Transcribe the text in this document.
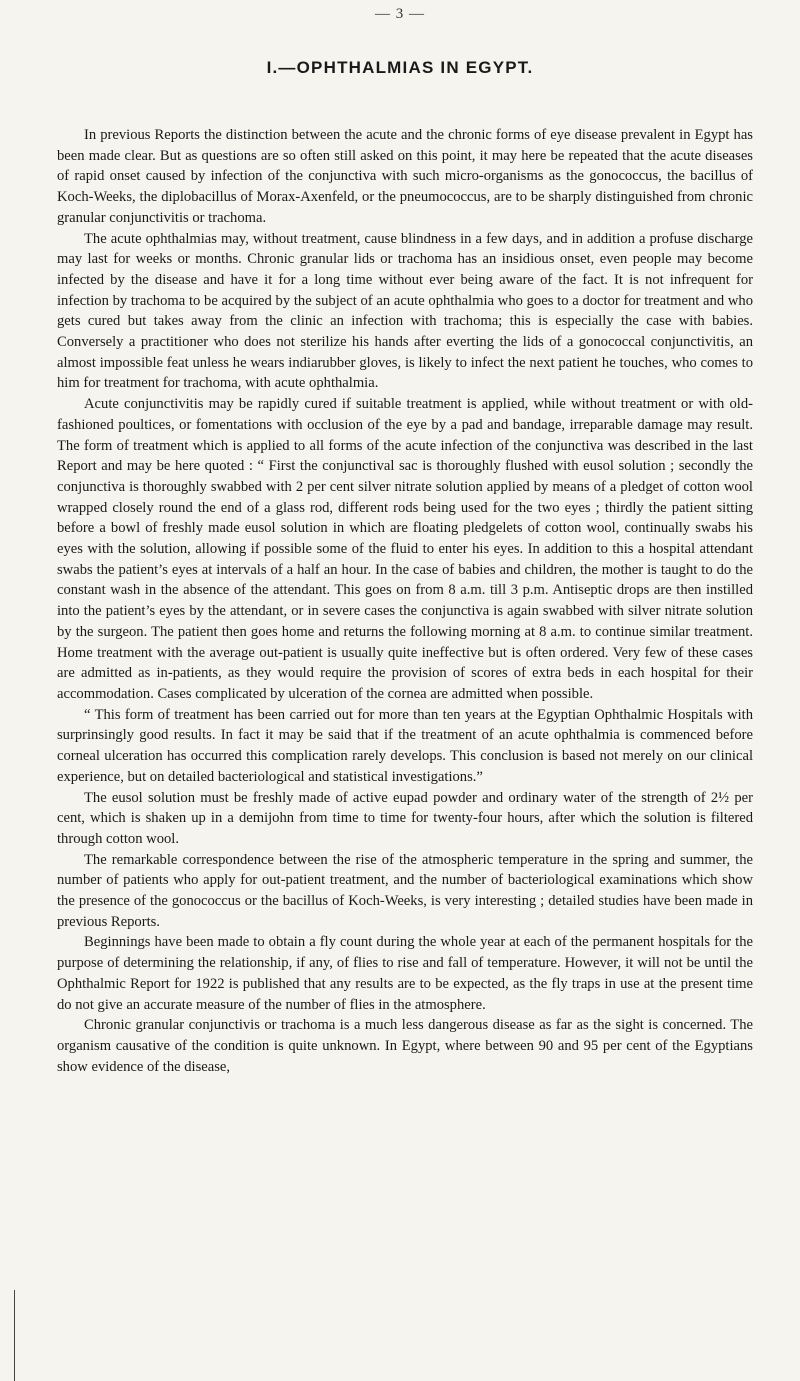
— 3 —
I.—OPHTHALMIAS IN EGYPT.

In previous Reports the distinction between the acute and the chronic forms of eye disease prevalent in Egypt has been made clear. But as questions are so often still asked on this point, it may here be repeated that the acute diseases of rapid onset caused by infection of the conjunctiva with such micro-organisms as the gonococcus, the bacillus of Koch-Weeks, the diplobacillus of Morax-Axenfeld, or the pneumococcus, are to be sharply distinguished from chronic granular conjunctivitis or trachoma.

The acute ophthalmias may, without treatment, cause blindness in a few days, and in addition a profuse discharge may last for weeks or months. Chronic granular lids or trachoma has an insidious onset, even people may become infected by the disease and have it for a long time without ever being aware of the fact. It is not infrequent for infection by trachoma to be acquired by the subject of an acute ophthalmia who goes to a doctor for treatment and who gets cured but takes away from the clinic an infection with trachoma; this is especially the case with babies. Conversely a practitioner who does not sterilize his hands after everting the lids of a gonococcal conjunctivitis, an almost impossible feat unless he wears indiarubber gloves, is likely to infect the next patient he touches, who comes to him for treatment for trachoma, with acute ophthalmia.

Acute conjunctivitis may be rapidly cured if suitable treatment is applied, while without treatment or with old-fashioned poultices, or fomentations with occlusion of the eye by a pad and bandage, irreparable damage may result. The form of treatment which is applied to all forms of the acute infection of the conjunctiva was described in the last Report and may be here quoted : “ First the conjunctival sac is thoroughly flushed with eusol solution ; secondly the conjunctiva is thoroughly swabbed with 2 per cent silver nitrate solution applied by means of a pledget of cotton wool wrapped closely round the end of a glass rod, different rods being used for the two eyes ; thirdly the patient sitting before a bowl of freshly made eusol solution in which are floating pledgelets of cotton wool, continually swabs his eyes with the solution, allowing if possible some of the fluid to enter his eyes. In addition to this a hospital attendant swabs the patient’s eyes at intervals of a half an hour. In the case of babies and children, the mother is taught to do the constant wash in the absence of the attendant. This goes on from 8 a.m. till 3 p.m. Antiseptic drops are then instilled into the patient’s eyes by the attendant, or in severe cases the conjunctiva is again swabbed with silver nitrate solution by the surgeon. The patient then goes home and returns the following morning at 8 a.m. to continue similar treatment. Home treatment with the average out-patient is usually quite ineffective but is often ordered. Very few of these cases are admitted as in-patients, as they would require the provision of scores of extra beds in each hospital for their accommodation. Cases complicated by ulceration of the cornea are admitted when possible.

“ This form of treatment has been carried out for more than ten years at the Egyptian Ophthalmic Hospitals with surprinsingly good results. In fact it may be said that if the treatment of an acute ophthalmia is commenced before corneal ulceration has occurred this complication rarely develops. This conclusion is based not merely on our clinical experience, but on detailed bacteriological and statistical investigations.”

The eusol solution must be freshly made of active eupad powder and ordinary water of the strength of 2½ per cent, which is shaken up in a demijohn from time to time for twenty-four hours, after which the solution is filtered through cotton wool.

The remarkable correspondence between the rise of the atmospheric temperature in the spring and summer, the number of patients who apply for out-patient treatment, and the number of bacteriological examinations which show the presence of the gonococcus or the bacillus of Koch-Weeks, is very interesting ; detailed studies have been made in previous Reports.

Beginnings have been made to obtain a fly count during the whole year at each of the permanent hospitals for the purpose of determining the relationship, if any, of flies to rise and fall of temperature. However, it will not be until the Ophthalmic Report for 1922 is published that any results are to be expected, as the fly traps in use at the present time do not give an accurate measure of the number of flies in the atmosphere.

Chronic granular conjunctivis or trachoma is a much less dangerous disease as far as the sight is concerned. The organism causative of the condition is quite unknown. In Egypt, where between 90 and 95 per cent of the Egyptians show evidence of the disease,
